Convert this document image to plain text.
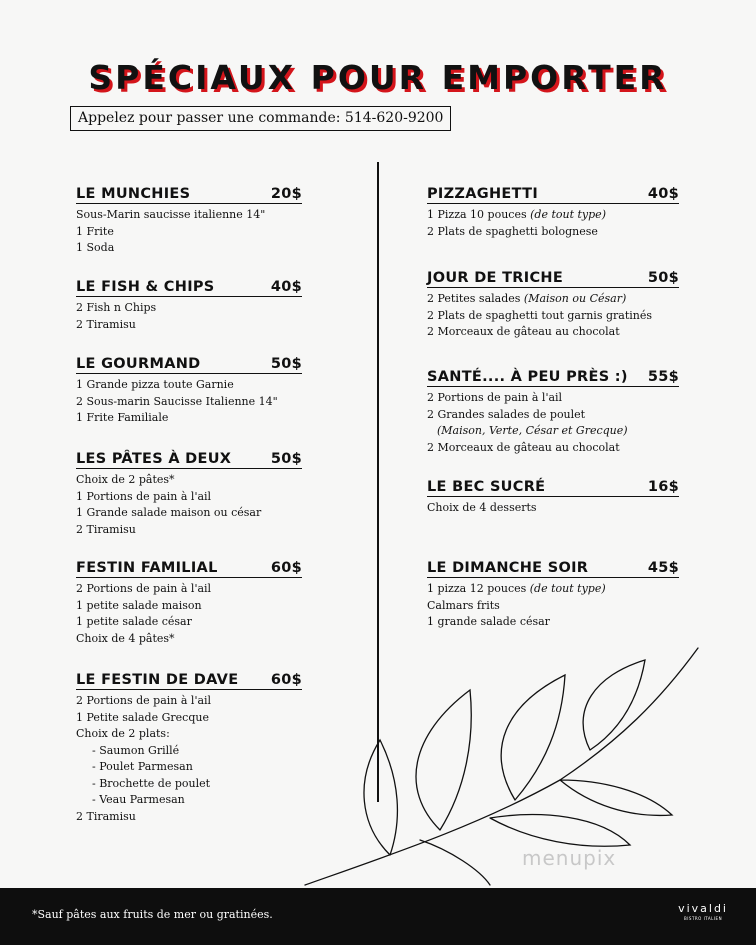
SPÉCIAUX POUR EMPORTER
Appelez pour passer une commande: 514-620-9200
LE MUNCHIES	20$
Sous-Marin saucisse italienne 14"
1 Frite
1 Soda
LE FISH & CHIPS	40$
2 Fish n Chips
2 Tiramisu
LE GOURMAND	50$
1 Grande pizza toute Garnie
2 Sous-marin Saucisse Italienne 14"
1 Frite Familiale
LES PÂTES À DEUX	50$
Choix de 2 pâtes*
1 Portions de pain à l'ail
1 Grande salade maison ou césar
2 Tiramisu
FESTIN FAMILIAL	60$
2 Portions de pain à l'ail
1 petite salade maison
1 petite salade césar
Choix de 4 pâtes*
LE FESTIN DE DAVE 60$
2 Portions de pain à l'ail
1 Petite salade Grecque
Choix de 2 plats:
- Saumon Grillé
- Poulet Parmesan
- Brochette de poulet
- Veau Parmesan
2 Tiramisu
PIZZAGHETTI	40$
1 Pizza 10 pouces (de tout type)
2 Plats de spaghetti bolognese
JOUR DE TRICHE	50$
2 Petites salades (Maison ou César)
2 Plats de spaghetti tout garnis gratinés
2 Morceaux de gâteau au chocolat
SANTÉ.... À PEU PRÈS :) 55$
2 Portions de pain à l'ail
2 Grandes salades de poulet
(Maison, Verte, César et Grecque)
2 Morceaux de gâteau au chocolat
LE BEC SUCRÉ	16$
Choix de 4 desserts
LE DIMANCHE SOIR	45$
1 pizza 12 pouces (de tout type)
Calmars frits
1 grande salade césar
menupix
*Sauf pâtes aux fruits de mer ou gratinées.	vivaldi
BISTRO ITALIEN
